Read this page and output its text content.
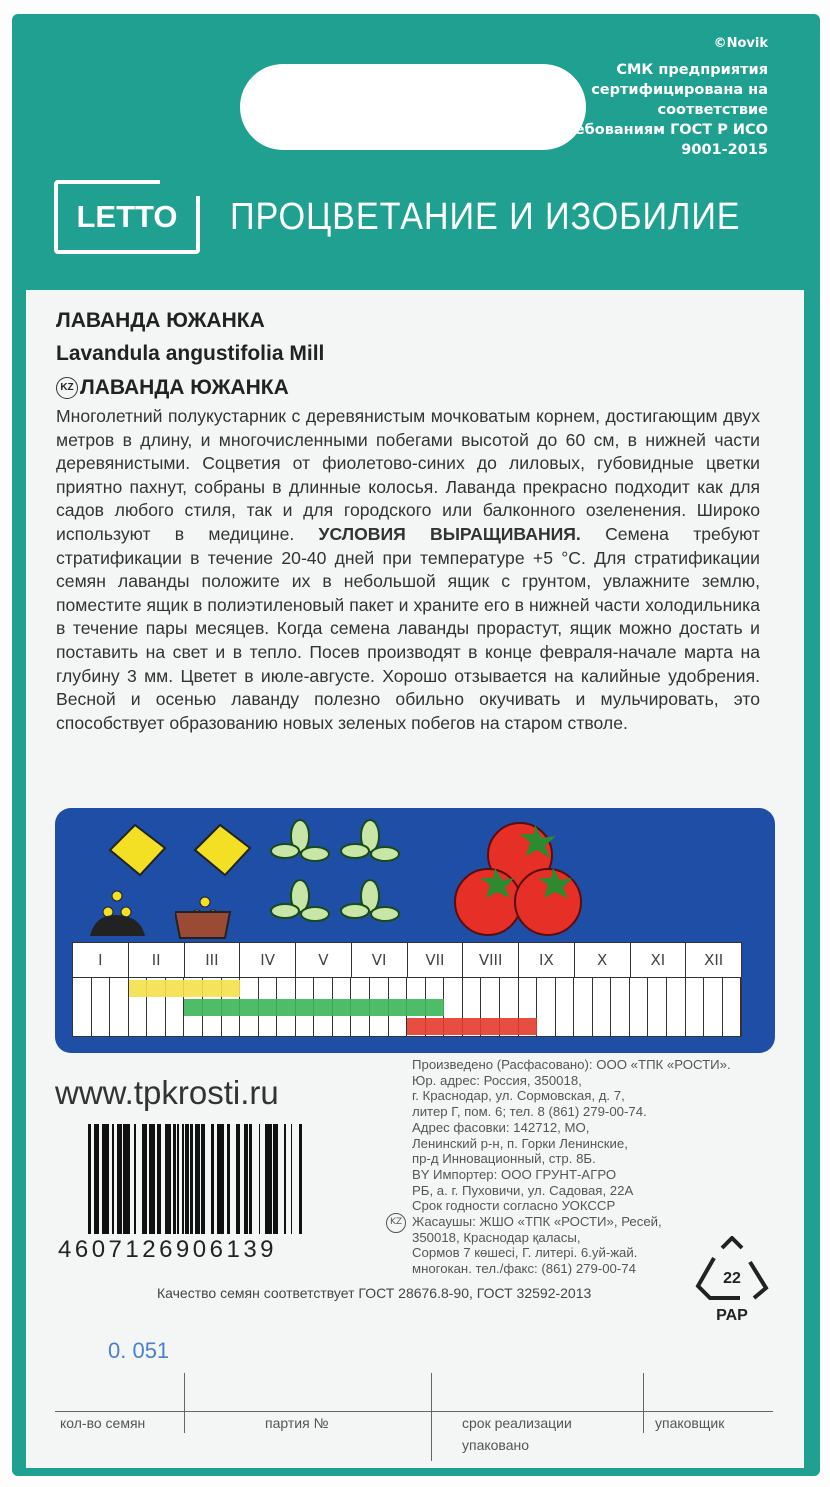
©Novik
СМК предприятия сертифицирована на соответствие требованиям ГОСТ Р ИСО 9001-2015
LETTO	ПРОЦВЕТАНИЕ И ИЗОБИЛИЕ
ЛАВАНДА ЮЖАНКА
Lavandula angustifolia Mill
KZ ЛАВАНДА ЮЖАНКА
Многолетний полукустарник с деревянистым мочковатым корнем, достигающим двух метров в длину, и многочисленными побегами высотой до 60 см, в нижней части деревянистыми. Соцветия от фиолетово-синих до лиловых, губовидные цветки приятно пахнут, собраны в длинные колосья. Лаванда прекрасно подходит как для садов любого стиля, так и для городского или балконного озеленения. Широко используют в медицине. УСЛОВИЯ ВЫРАЩИВАНИЯ. Семена требуют стратификации в течение 20-40 дней при температуре +5 °С. Для стратификации семян лаванды положите их в небольшой ящик с грунтом, увлажните землю, поместите ящик в полиэтиленовый пакет и храните его в нижней части холодильника в течение пары месяцев. Когда семена лаванды прорастут, ящик можно достать и поставить на свет и в тепло. Посев производят в конце февраля-начале марта на глубину 3 мм. Цветет в июле-августе. Хорошо отзывается на калийные удобрения. Весной и осенью лаванду полезно обильно окучивать и мульчировать, это способствует образованию новых зеленых побегов на старом стволе.
I	II	III	IV	V	VI	VII	VIII	IX	X	XI	XII
www.tpkrosti.ru
4607126906139
Произведено (Расфасовано): ООО «ТПК «РОСТИ».
Юр. адрес: Россия, 350018,
г. Краснодар, ул. Сормовская, д. 7,
литер Г, пом. 6; тел. 8 (861) 279-00-74.
Адрес фасовки: 142712, МО,
Ленинский р-н, п. Горки Ленинские,
пр-д Инновационный, стр. 8Б.
BY Импортер: ООО ГРУНТ-АГРО
РБ, а. г. Пуховичи, ул. Садовая, 22А
Срок годности согласно УОКССР
Жасаушы: ЖШО «ТПК «РОСТИ», Ресей,
350018, Краснодар қаласы,
Сормов 7 көшесі, Г. литері. 6.уй-жай.
многокан. тел./факс: (861) 279-00-74
KZ
22
PAP
Качество семян соответствует ГОСТ 28676.8-90, ГОСТ 32592-2013
0. 051
кол-во семян	партия №	срок реализации
упаковано
упаковщик
